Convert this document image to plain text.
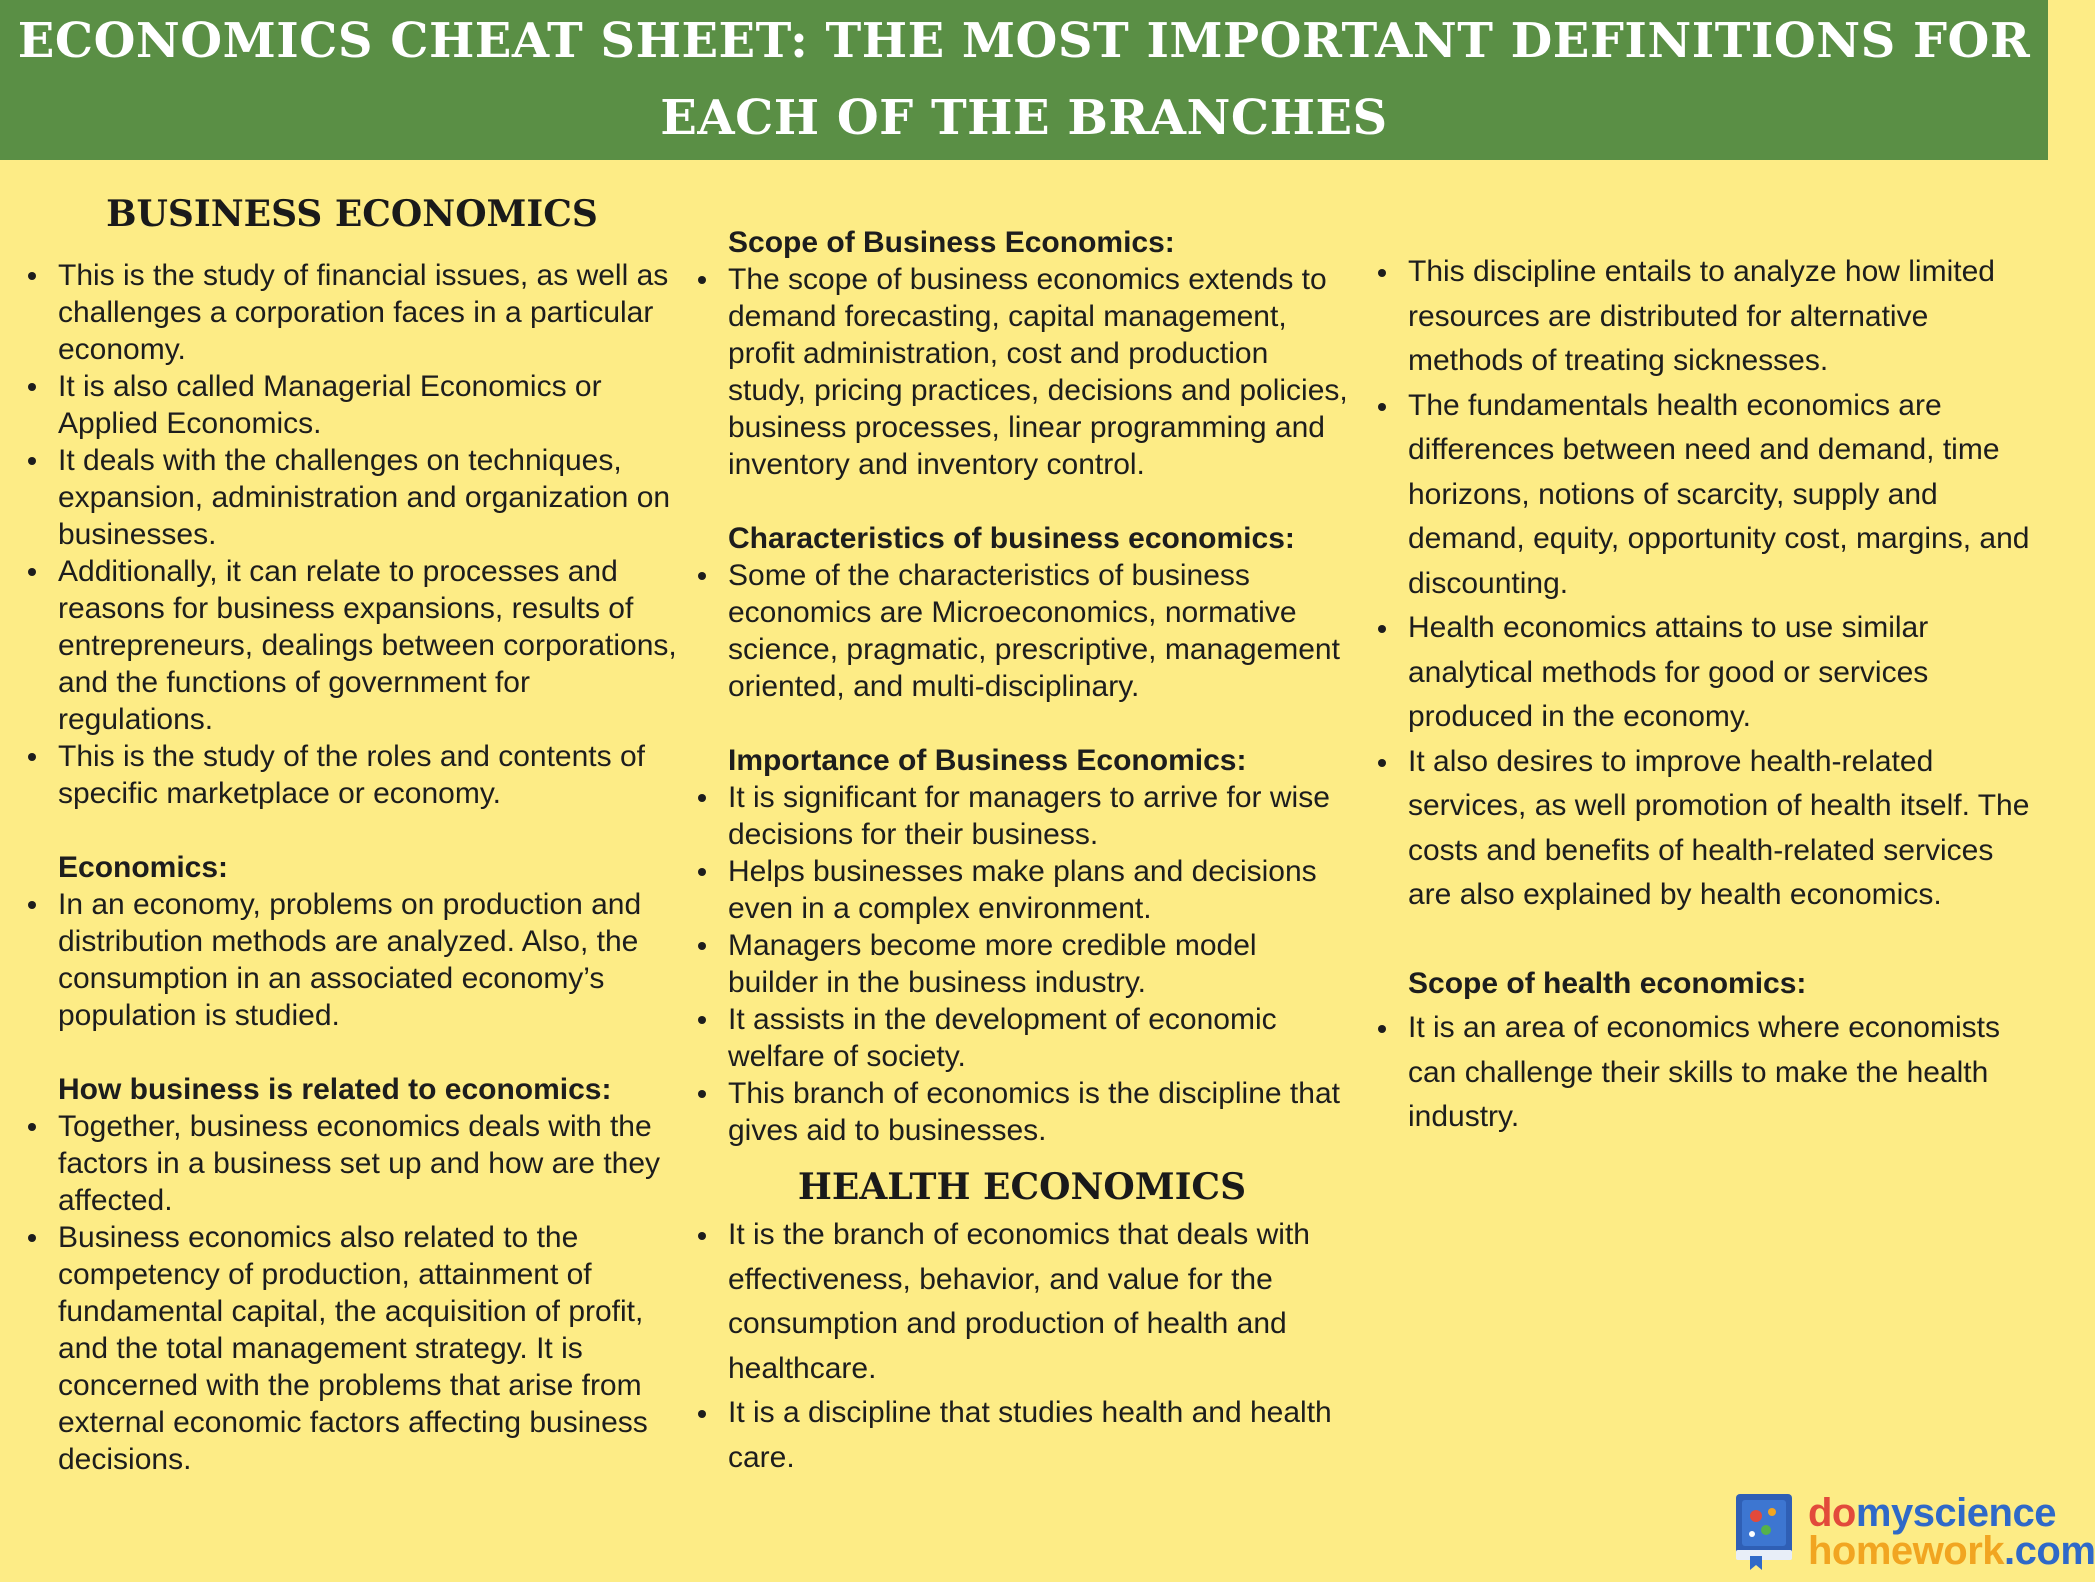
ECONOMICS CHEAT SHEET: THE MOST IMPORTANT DEFINITIONS FOR
EACH OF THE BRANCHES
BUSINESS ECONOMICS
This is the study of financial issues, as well as challenges a corporation faces in a particular economy.
It is also called Managerial Economics or Applied Economics.
It deals with the challenges on techniques, expansion, administration and organization on businesses.
Additionally, it can relate to processes and reasons for business expansions, results of entrepreneurs, dealings between corporations, and the functions of government for regulations.
This is the study of the roles and contents of specific marketplace or economy.
Economics:
In an economy, problems on production and distribution methods are analyzed. Also, the consumption in an associated economy’s population is studied.
How business is related to economics:
Together, business economics deals with the factors in a business set up and how are they affected.
Business economics also related to the competency of production, attainment of fundamental capital, the acquisition of profit, and the total management strategy. It is concerned with the problems that arise from external economic factors affecting business decisions.
Scope of Business Economics:
The scope of business economics extends to demand forecasting, capital management, profit administration, cost and production study, pricing practices, decisions and policies, business processes, linear programming and inventory and inventory control.
Characteristics of business economics:
Some of the characteristics of business economics are Microeconomics, normative science, pragmatic, prescriptive, management oriented, and multi-disciplinary.
Importance of Business Economics:
It is significant for managers to arrive for wise decisions for their business.
Helps businesses make plans and decisions even in a complex environment.
Managers become more credible model builder in the business industry.
It assists in the development of economic welfare of society.
This branch of economics is the discipline that gives aid to businesses.
HEALTH ECONOMICS
It is the branch of economics that deals with effectiveness, behavior, and value for the consumption and production of health and healthcare.
It is a discipline that studies health and health care.
This discipline entails to analyze how limited resources are distributed for alternative methods of treating sicknesses.
The fundamentals health economics are differences between need and demand, time horizons, notions of scarcity, supply and demand, equity, opportunity cost, margins, and discounting.
Health economics attains to use similar analytical methods for good or services produced in the economy.
It also desires to improve health-related services, as well promotion of health itself. The costs and benefits of health-related services are also explained by health economics.
Scope of health economics:
It is an area of economics where economists can challenge their skills to make the health industry.
domyscience
homework.com
